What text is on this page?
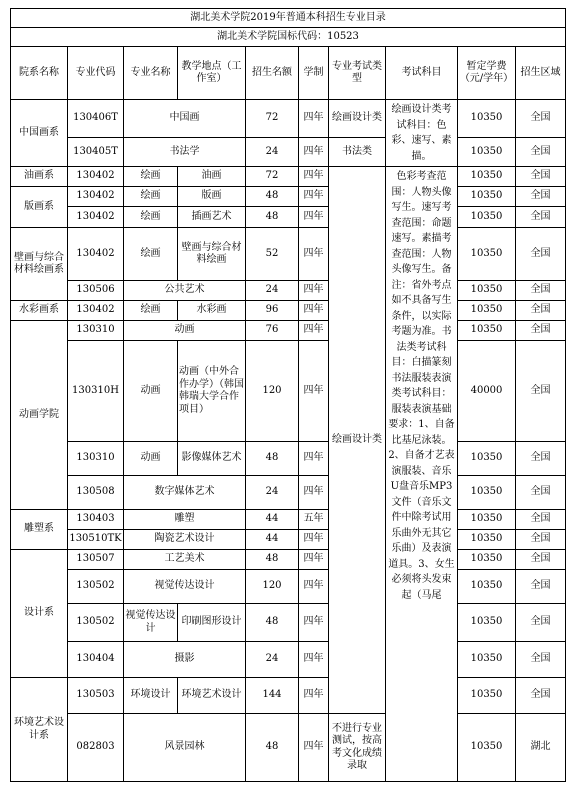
湖北美术学院2019年普通本科招生专业目录									
湖北美术学院国标代码：10523									
院系名称	专业代码	专业名称	教学地点（工作室）	招生名额	学制	专业考试类型	考试科目	暂定学费（元/学年）	招生区域
中国画系	130406T	中国画		72	四年	绘画设计类	绘画设计类考试科目：色彩、速写、素描。	10350	全国
	130405T	书法学		24	四年	书法类		10350	全国
油画系	130402	绘画	油画	72	四年	绘画设计类	色彩考查范围：人物头像写生。速写考查范围：命题速写。素描考查范围：人物头像写生。备注：省外考点如不具备写生条件，以实际考题为准。书法类考试科目：白描篆刻书法服装表演类考试科目：服装表演基础要求：1、自备比基尼泳装。2、自备才艺表演服装、音乐U盘音乐MP3文件（音乐文件中除考试用乐曲外无其它乐曲）及表演道具。3、女生必须将头发束起（马尾	10350	全国
版画系	130402	绘画	版画	48	四年			10350	全国
	130402	绘画	插画艺术	48	四年			10350	全国
壁画与综合材料绘画系	130402	绘画	壁画与综合材料绘画	52	四年			10350	全国
	130506	公共艺术		24	四年			10350	全国
水彩画系	130402	绘画	水彩画	96	四年			10350	全国
动画学院	130310	动画		76	四年			10350	全国
	130310H	动画	动画（中外合作办学）（韩国韩瑞大学合作项目）	120	四年			40000	全国
	130310	动画	影像媒体艺术	48	四年			10350	全国
	130508	数字媒体艺术		24	四年			10350	全国
雕塑系	130403	雕塑		44	五年			10350	全国
	130510TK	陶瓷艺术设计		44	四年			10350	全国
设计系	130507	工艺美术		48	四年			10350	全国
	130502	视觉传达设计		120	四年			10350	全国
	130502	视觉传达设计	印刷图形设计	48	四年			10350	全国
	130404	摄影		24	四年			10350	全国
环境艺术设计系	130503	环境设计	环境艺术设计	144	四年			10350	全国
	082803	风景园林		48	四年	不进行专业测试，按高考文化成绩录取		10350	湖北
